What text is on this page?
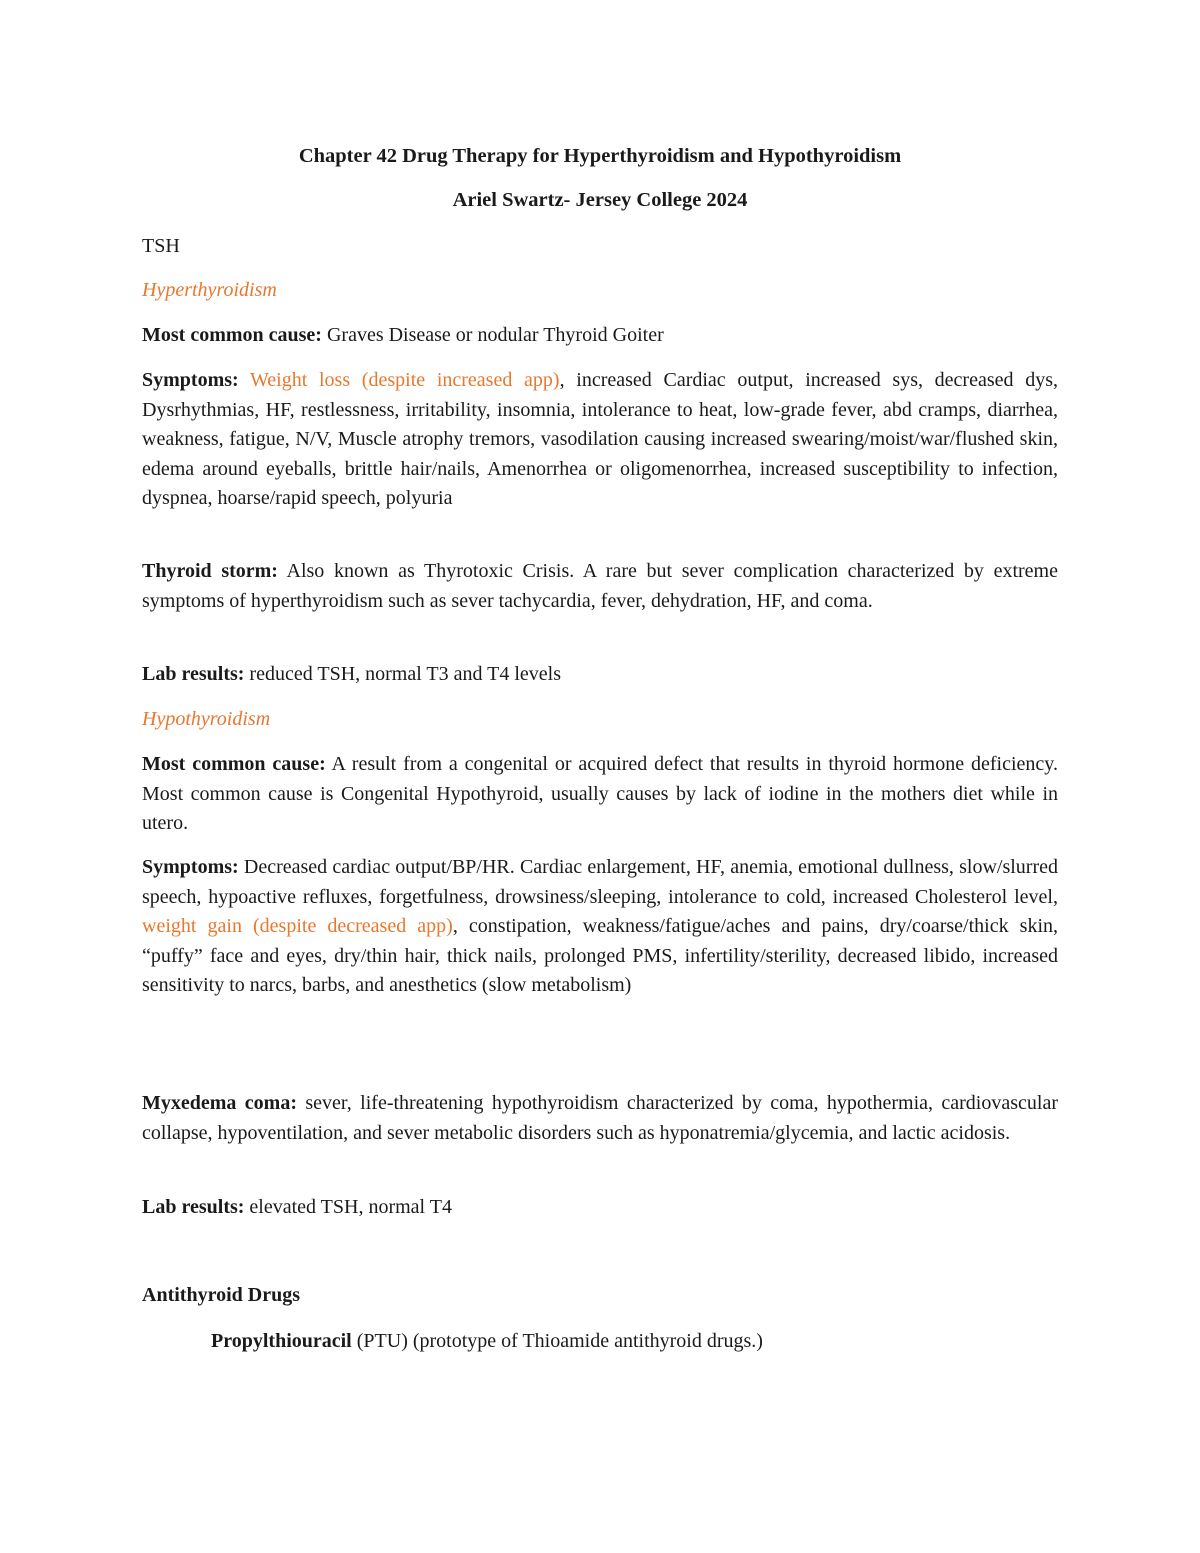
Chapter 42 Drug Therapy for Hyperthyroidism and Hypothyroidism
Ariel Swartz- Jersey College 2024
TSH
Hyperthyroidism
Most common cause: Graves Disease or nodular Thyroid Goiter
Symptoms: Weight loss (despite increased app), increased Cardiac output, increased sys, decreased dys, Dysrhythmias, HF, restlessness, irritability, insomnia, intolerance to heat, low-grade fever, abd cramps, diarrhea, weakness, fatigue, N/V, Muscle atrophy tremors, vasodilation causing increased swearing/moist/war/flushed skin, edema around eyeballs, brittle hair/nails, Amenorrhea or oligomenorrhea, increased susceptibility to infection, dyspnea, hoarse/rapid speech, polyuria
Thyroid storm: Also known as Thyrotoxic Crisis. A rare but sever complication characterized by extreme symptoms of hyperthyroidism such as sever tachycardia, fever, dehydration, HF, and coma.
Lab results: reduced TSH, normal T3 and T4 levels
Hypothyroidism
Most common cause: A result from a congenital or acquired defect that results in thyroid hormone deficiency. Most common cause is Congenital Hypothyroid, usually causes by lack of iodine in the mothers diet while in utero.
Symptoms: Decreased cardiac output/BP/HR. Cardiac enlargement, HF, anemia, emotional dullness, slow/slurred speech, hypoactive refluxes, forgetfulness, drowsiness/sleeping, intolerance to cold, increased Cholesterol level, weight gain (despite decreased app), constipation, weakness/fatigue/aches and pains, dry/coarse/thick skin, “puffy” face and eyes, dry/thin hair, thick nails, prolonged PMS, infertility/sterility, decreased libido, increased sensitivity to narcs, barbs, and anesthetics (slow metabolism)
Myxedema coma: sever, life-threatening hypothyroidism characterized by coma, hypothermia, cardiovascular collapse, hypoventilation, and sever metabolic disorders such as hyponatremia/glycemia, and lactic acidosis.
Lab results: elevated TSH, normal T4
Antithyroid Drugs
Propylthiouracil (PTU) (prototype of Thioamide antithyroid drugs.)
